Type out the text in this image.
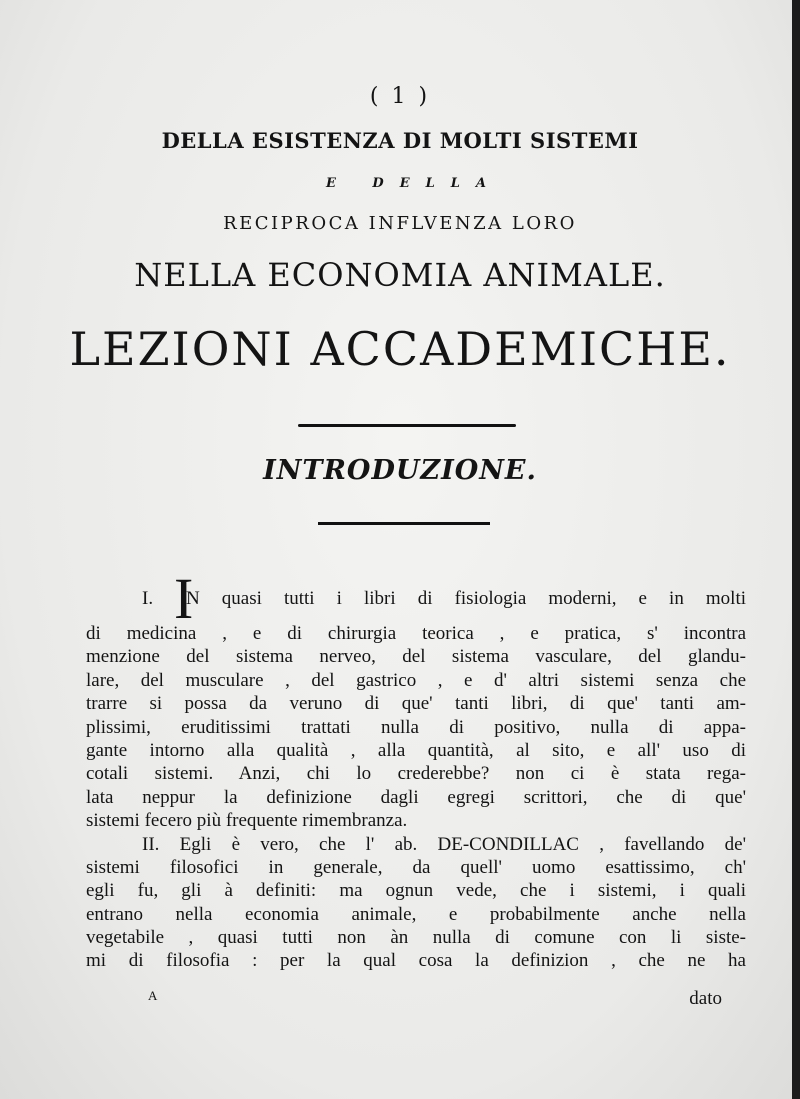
( 1 )
DELLA ESISTENZA DI MOLTI SISTEMI
E DELLA
RECIPROCA INFLVENZA LORO
NELLA ECONOMIA ANIMALE.
LEZIONI ACCADEMICHE.
INTRODUZIONE.
I. I
N quasi tutti i libri di fisiologia moderni, e in molti
di medicina , e di chirurgia teorica , e pratica, s' incontra
menzione del sistema nerveo, del sistema vasculare, del glandu-
lare, del musculare , del gastrico , e d' altri sistemi senza che
trarre si possa da veruno di que' tanti libri, di que' tanti am-
plissimi, eruditissimi trattati nulla di positivo, nulla di appa-
gante intorno alla qualità , alla quantità, al sito, e all' uso di
cotali sistemi. Anzi, chi lo crederebbe? non ci è stata rega-
lata neppur la definizione dagli egregi scrittori, che di que'
sistemi fecero più frequente rimembranza.
II. Egli è vero, che l' ab. DE-CONDILLAC , favellando de'
sistemi filosofici in generale, da quell' uomo esattissimo, ch'
egli fu, gli à definiti: ma ognun vede, che i sistemi, i quali
entrano nella economia animale, e probabilmente anche nella
vegetabile , quasi tutti non àn nulla di comune con li siste-
mi di filosofia : per la qual cosa la definizion , che ne ha
A	dato
